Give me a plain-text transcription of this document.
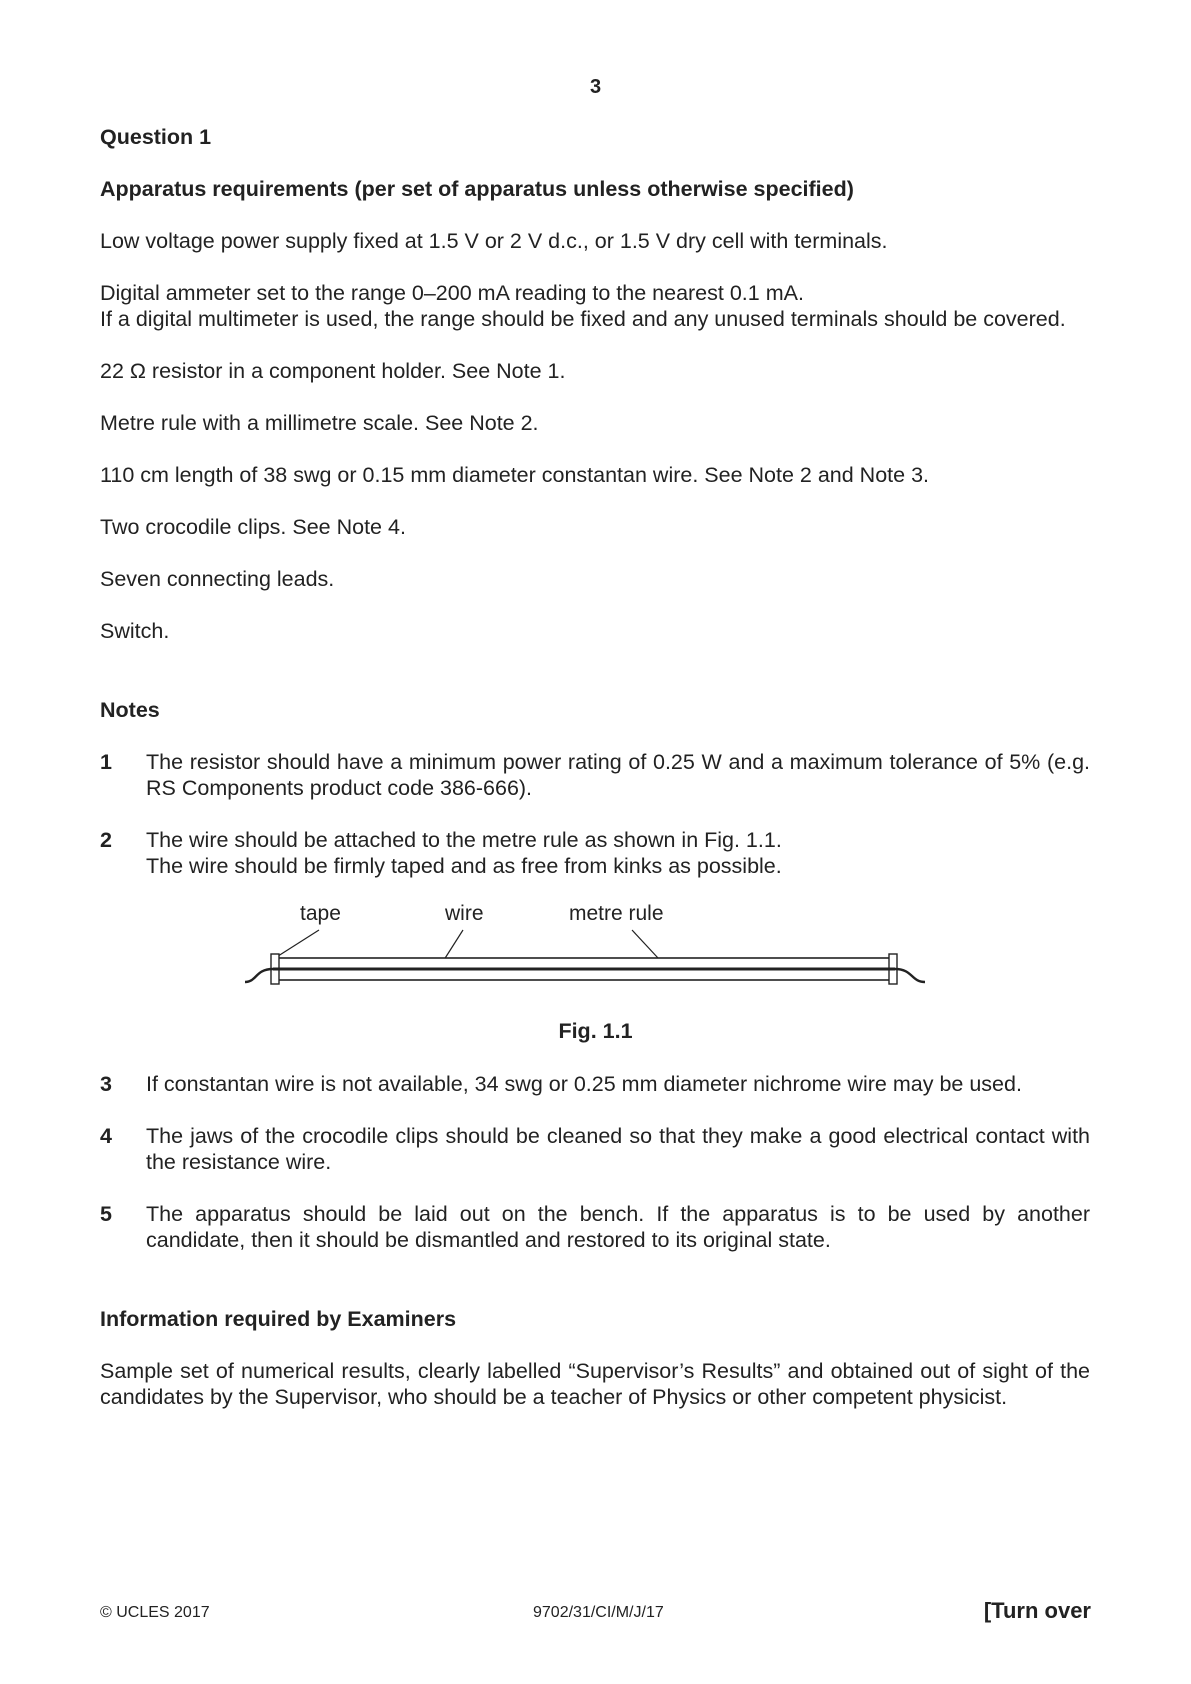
3
Question 1
Apparatus requirements (per set of apparatus unless otherwise specified)
Low voltage power supply fixed at 1.5 V or 2 V d.c., or 1.5 V dry cell with terminals.
Digital ammeter set to the range 0–200 mA reading to the nearest 0.1 mA.
If a digital multimeter is used, the range should be fixed and any unused terminals should be covered.
22 Ω resistor in a component holder. See Note 1.
Metre rule with a millimetre scale. See Note 2.
110 cm length of 38 swg or 0.15 mm diameter constantan wire. See Note 2 and Note 3.
Two crocodile clips. See Note 4.
Seven connecting leads.
Switch.
Notes
1 The resistor should have a minimum power rating of 0.25 W and a maximum tolerance of 5% (e.g. RS Components product code 386-666).
2 The wire should be attached to the metre rule as shown in Fig. 1.1.
The wire should be firmly taped and as free from kinks as possible.
tape	wire	metre rule
Fig. 1.1
3 If constantan wire is not available, 34 swg or 0.25 mm diameter nichrome wire may be used.
4 The jaws of the crocodile clips should be cleaned so that they make a good electrical contact with the resistance wire.
5 The apparatus should be laid out on the bench. If the apparatus is to be used by another candidate, then it should be dismantled and restored to its original state.
Information required by Examiners
Sample set of numerical results, clearly labelled “Supervisor’s Results” and obtained out of sight of the candidates by the Supervisor, who should be a teacher of Physics or other competent physicist.
© UCLES 2017	9702/31/CI/M/J/17	[Turn over
